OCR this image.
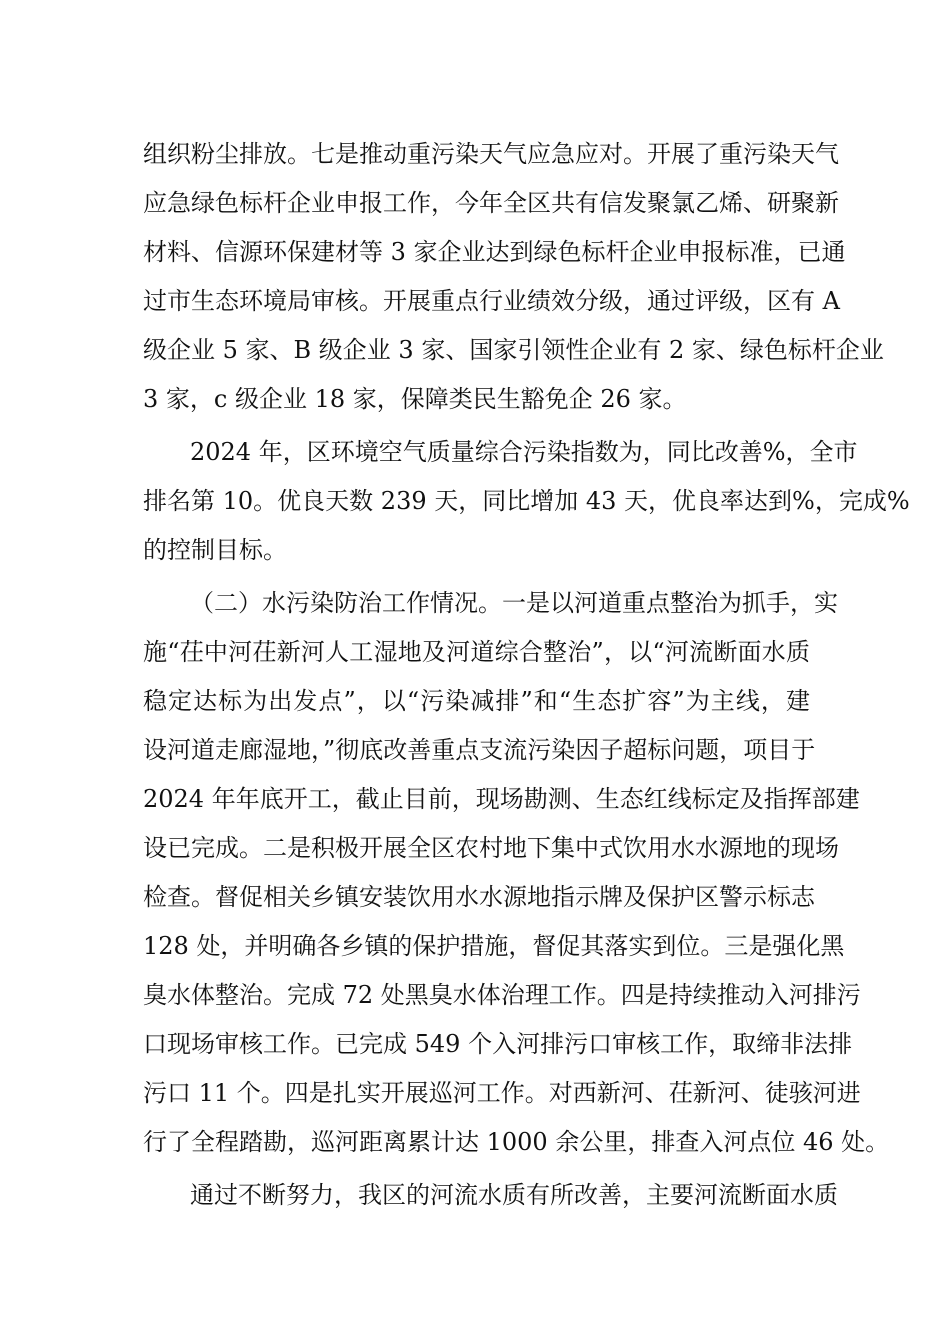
组织粉尘排放。七是推动重污染天气应急应对。开展了重污染天气
应急绿色标杆企业申报工作，今年全区共有信发聚氯乙烯、研聚新
材料、信源环保建材等 3 家企业达到绿色标杆企业申报标准，已通
过市生态环境局审核。开展重点行业绩效分级，通过评级，区有 A
级企业 5 家、B 级企业 3 家、国家引领性企业有 2 家、绿色标杆企业
3 家，c 级企业 18 家，保障类民生豁免企 26 家。
2024 年，区环境空气质量综合污染指数为，同比改善%，全市
排名第 10。优良天数 239 天，同比增加 43 天，优良率达到%，完成%
的控制目标。
（二）水污染防治工作情况。一是以河道重点整治为抓手，实
施“茌中河茌新河人工湿地及河道综合整治”，以“河流断面水质
稳定达标为出发点”，以“污染减排”和“生态扩容”为主线，建
设河道走廊湿地，”彻底改善重点支流污染因子超标问题，项目于
2024 年年底开工，截止目前，现场勘测、生态红线标定及指挥部建
设已完成。二是积极开展全区农村地下集中式饮用水水源地的现场
检查。督促相关乡镇安装饮用水水源地指示牌及保护区警示标志
128 处，并明确各乡镇的保护措施，督促其落实到位。三是强化黑
臭水体整治。完成 72 处黑臭水体治理工作。四是持续推动入河排污
口现场审核工作。已完成 549 个入河排污口审核工作，取缔非法排
污口 11 个。四是扎实开展巡河工作。对西新河、茌新河、徒骇河进
行了全程踏勘，巡河距离累计达 1000 余公里，排查入河点位 46 处。
通过不断努力，我区的河流水质有所改善，主要河流断面水质
